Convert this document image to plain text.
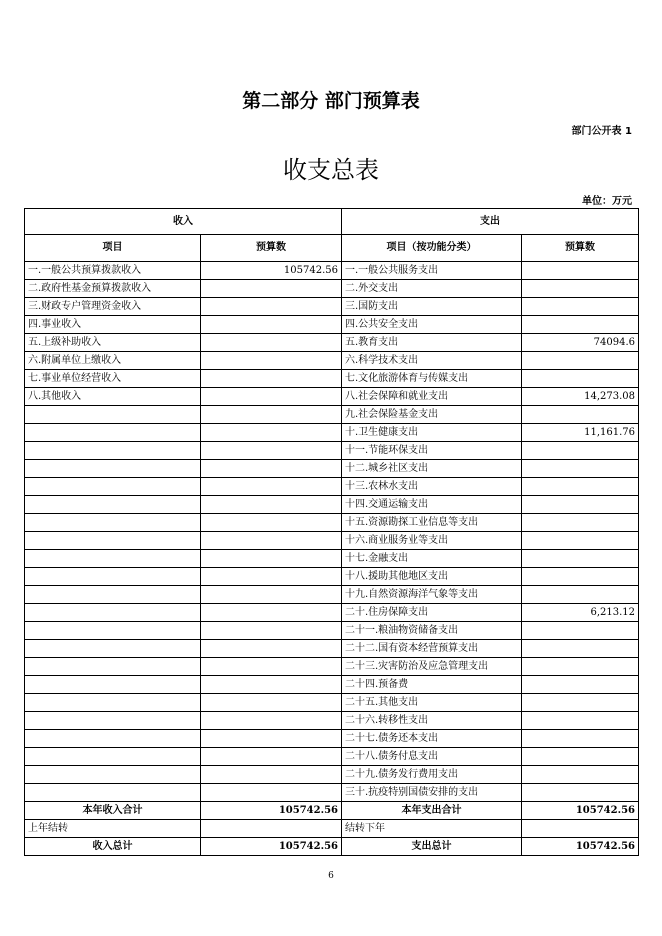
第二部分 部门预算表
部门公开表 1
收支总表
单位：万元
收入		支出	
项目	预算数	项目（按功能分类）	预算数
一.一般公共预算拨款收入	105742.56	一.一般公共服务支出	
二.政府性基金预算拨款收入		二.外交支出	
三.财政专户管理资金收入		三.国防支出	
四.事业收入		四.公共安全支出	
五.上级补助收入		五.教育支出	74094.6
六.附属单位上缴收入		六.科学技术支出	
七.事业单位经营收入		七.文化旅游体育与传媒支出	
八.其他收入		八.社会保障和就业支出	14,273.08
		九.社会保险基金支出	
		十.卫生健康支出	11,161.76
		十一.节能环保支出	
		十二.城乡社区支出	
		十三.农林水支出	
		十四.交通运输支出	
		十五.资源勘探工业信息等支出	
		十六.商业服务业等支出	
		十七.金融支出	
		十八.援助其他地区支出	
		十九.自然资源海洋气象等支出	
		二十.住房保障支出	6,213.12
		二十一.粮油物资储备支出	
		二十二.国有资本经营预算支出	
		二十三.灾害防治及应急管理支出	
		二十四.预备费	
		二十五.其他支出	
		二十六.转移性支出	
		二十七.债务还本支出	
		二十八.债务付息支出	
		二十九.债务发行费用支出	
		三十.抗疫特别国债安排的支出	
本年收入合计	105742.56	本年支出合计	105742.56
上年结转		结转下年	
收入总计	105742.56	支出总计	105742.56
6
